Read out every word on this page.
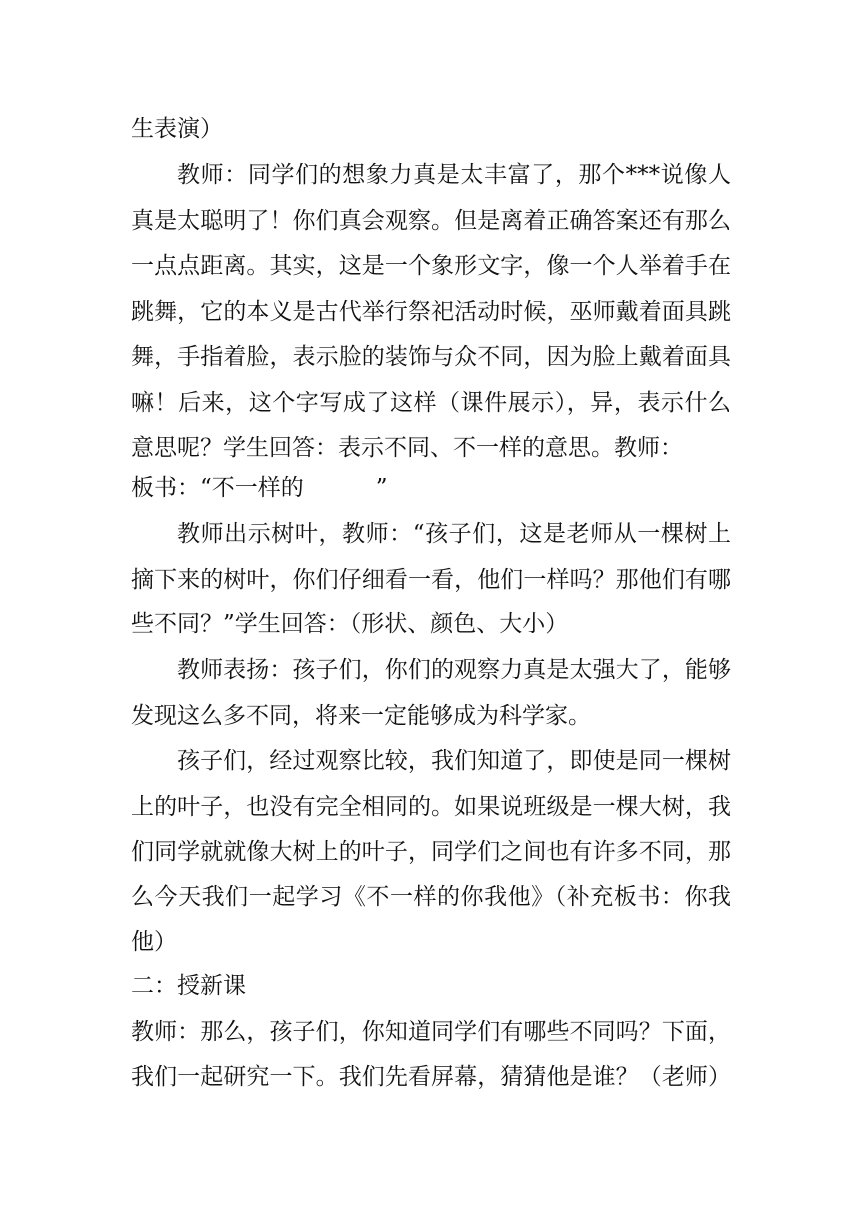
生表演）
教师：同学们的想象力真是太丰富了，那个***说像人
真是太聪明了！你们真会观察。但是离着正确答案还有那么
一点点距离。其实，这是一个象形文字，像一个人举着手在
跳舞，它的本义是古代举行祭祀活动时候，巫师戴着面具跳
舞，手指着脸，表示脸的装饰与众不同，因为脸上戴着面具
嘛！后来，这个字写成了这样（课件展示），异，表示什么
意思呢？学生回答：表示不同、不一样的意思。教师：
板书：“不一样的	”
教师出示树叶，教师：“孩子们，这是老师从一棵树上
摘下来的树叶，你们仔细看一看，他们一样吗？那他们有哪
些不同？”学生回答：（形状、颜色、大小）
教师表扬：孩子们，你们的观察力真是太强大了，能够
发现这么多不同，将来一定能够成为科学家。
孩子们，经过观察比较，我们知道了，即使是同一棵树
上的叶子，也没有完全相同的。如果说班级是一棵大树，我
们同学就就像大树上的叶子，同学们之间也有许多不同，那
么今天我们一起学习《不一样的你我他》（补充板书：你我
他）
二：授新课
教师：那么，孩子们，你知道同学们有哪些不同吗？下面，
我们一起研究一下。我们先看屏幕，猜猜他是谁？（老师）
